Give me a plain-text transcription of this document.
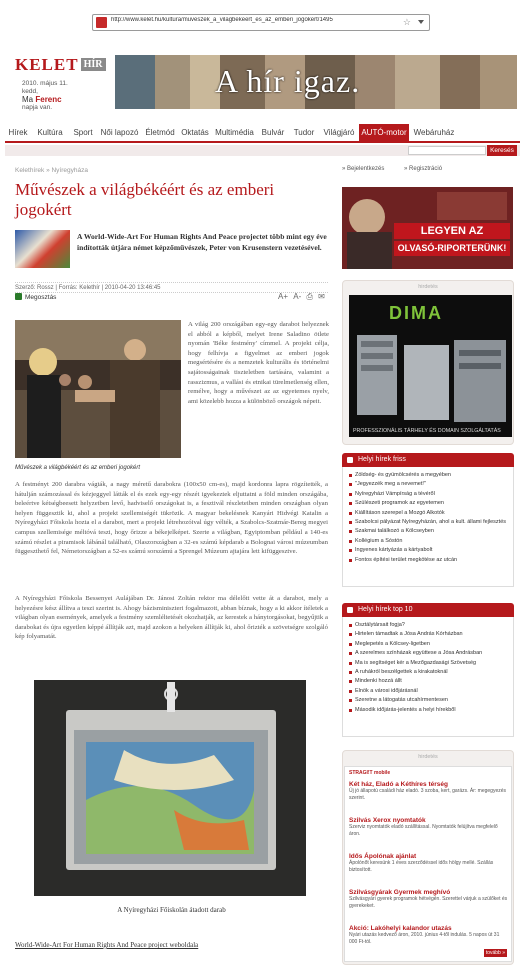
http://www.kelet.hu/kultura/muveszek_a_vilagbekeert_es_az_emberi_jogokert/1495	☆
KELET HÍR
2010. május 11.
kedd,
Ma Ferenc
napja van.
A hír igaz.
Hírek	Kultúra	Sport	Női lapozó Életmód Oktatás Multimédia Bulvár	Tudor	Világjáró AUTÓ-motor Webáruház
Keresés
Kelethírek » Nyíregyháza
Művészek a világbékéért és az emberi jogokért
A World-Wide-Art For Human Rights And Peace projectet több mint egy éve indították útjára német képzőművészek, Peter von Krusenstern vezetésével.
Szerző: Rossz | Forrás: Kelethír | 2010-04-20 13:46:45
Megosztás	A+ A- ⎙ ✉
Művészek a világbékéért és az emberi jogokért
A világ 200 országában egy-egy darabot helyeznek el abból a képből, melyet Irene Saladino ötlete nyomán 'Béke festmény' címmel. A projekt célja, hogy felhívja a figyelmet az emberi jogok megsértésére és a nemzetek kulturális és történelmi sajátosságainak tiszteletben tartására, valamint a rasszizmus, a vallási és etnikai türelmetlenség ellen, remélve, hogy a művészet az az egyetemes nyelv, ami közelebb hozza a különböző országok népeit.
A festményt 200 darabra vágták, a nagy méretű darabokra (100x50 cm-es), majd kordonra lapra rögzítették, a hátulján számozással és kézjeggyel látták el és ezek egy-egy részét igyekeztek eljuttatni a föld minden országába, beleértve kétségbeesett helyzetben levő, hadviselő országokat is, a fesztivál részleteiben minden országban olyan helyen függesztik ki, ahol a projekt szellemiségét tükrözik. A magyar bekelésnek Kanyári Hidvégi Katalin a Nyíregyházi Főiskola hozta el a darabot, mert a projekt létrehozóival úgy vélték, a Szabolcs-Szatmár-Bereg megyei campus szellemisége méltóvá teszi, hogy őrizze a békejelképet. Szerte a világban, Egyiptomban például a 140-es számú részlet a piramisok lábánál található, Olaszországban a 32-es számú képdarab a Bolognai városi múzeumban függeszthető fel, Németországban a 52-es számú sorszámú a Sprengel Múzeum ajtajára lett kifüggesztve.
A Nyíregyházi Főiskolán átadott darab
World-Wide-Art For Human Rights And Peace project weboldala
» Bejelentkezés	» Regisztráció
LEGYEN AZ
OLVASÓ-RIPORTERÜNK!
hirdetés
DIMA
PROFESSZIONÁLIS TÁRHELY ÉS DOMAIN SZOLGÁLTATÁS
Helyi hírek friss
Zöldség- és gyümölcsérés a megyében
"Jegyezzék meg a nevemet!"
Nyíregyházi Vámpírság a tévéről
Szülészeti programok az egyetemen
Kiállításon szerepel a Mozgó Alkotók
Szabolcsi pályázat Nyíregyházán, ahol a kult. állami fejlesztés
Szakmai találkozó a Kölcseyben
Kollégium a Sóstón
Ingyenes kártyázás a kártyabolt
Fontos építési terület megkötése az utcán
Helyi hírek top 10
Osztálytársait fogja?
Hirtelen támadtak a Jósa András Kórházban
Meglepetés a Kölcsey-ligetben
A szerelmes színházak együttese a Jósa Andrásban
Ma is segítséget kér a Mezőgazdasági Szövetség
A ruhákról beszélgettek a kirakatoknál
Mindenki hozzá állt
Elnök a városi időjárásnál
Szeretne a látogatás utcahírmentesen
Második időjárás-jelentés a helyi hírekből
hirdetés
STRAGI!T mobile
tovább »
Két ház, Eladó a Kéthíres térség
Új jó állapotú családi ház eladó. 3 szoba, kert, garázs. Ár: megegyezés szerint.
Szilvás Xerox nyomtatók
Szerviz nyomtatók eladó szállítással. Nyomtatók felújítva megfelelő áron.
Idős Ápolónak ajánlat
Ápolónőt keresünk 1 éves szerződéssel idős hölgy mellé. Szállás biztosított.
Szilvásgyárak Gyermek meghívó
Szilvásgyári gyerek programok hétvégén. Szerettel várjuk a szülőket és gyerekeket.
Akció: Lakóhelyi kalandor utazás
Nyári utazás kedvező áron, 2010. június 4-től indulás. 5 napos út 31 000 Ft-tól.
A Nyíregyházi Főiskola Bessenyei Aulájában Dr. Jánosi Zoltán rektor ma délelőtt vette át a darabot, mely a helyezésre kész állítva a teszi szerint is. Ahogy bázisminiszteri fogalmazott, abban bíznak, hogy a ki akkor ítéletek a világban olyan események, amelyek a festmény szemléltetését okozhatják, az kerestek a hánytorgásokat, begyűjtik a darabokat és újra egyetlen képpé állítják azt, majd azokon a helyeken állítják ki, ahol őrizték a szövetségre szolgáló kép folyamatát.
